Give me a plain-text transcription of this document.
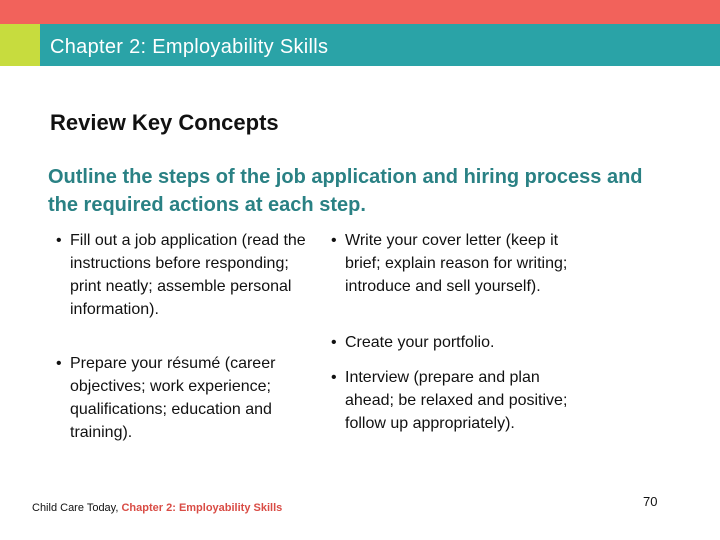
Chapter 2: Employability Skills
Review Key Concepts
Outline the steps of the job application and hiring process and the required actions at each step.
• Fill out a job application (read the instructions before responding; print neatly; assemble personal information).
• Prepare your résumé (career objectives; work experience; qualifications; education and training).
• Write your cover letter (keep it brief; explain reason for writing; introduce and sell yourself).
• Create your portfolio.
• Interview (prepare and plan ahead; be relaxed and positive; follow up appropriately).
Child Care Today, Chapter 2: Employability Skills	70
